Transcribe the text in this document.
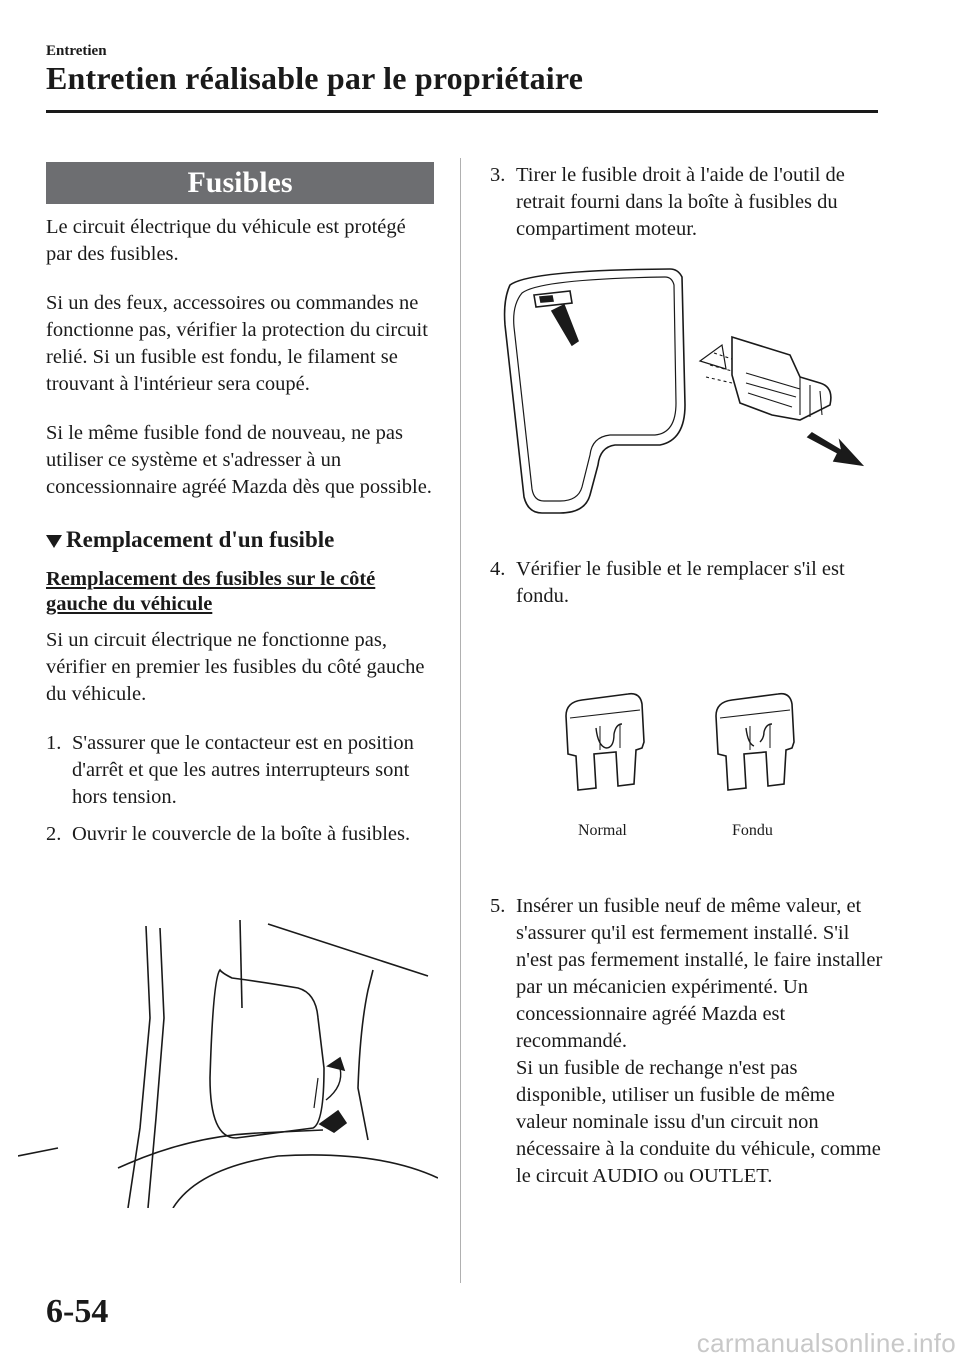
Entretien
Entretien réalisable par le propriétaire
Fusibles

Le circuit électrique du véhicule est protégé par des fusibles.

Si un des feux, accessoires ou commandes ne fonctionne pas, vérifier la protection du circuit relié. Si un fusible est fondu, le filament se trouvant à l'intérieur sera coupé.

Si le même fusible fond de nouveau, ne pas utiliser ce système et s'adresser à un concessionnaire agréé Mazda dès que possible.

Remplacement d'un fusible
Remplacement des fusibles sur le côté gauche du véhicule

Si un circuit électrique ne fonctionne pas, vérifier en premier les fusibles du côté gauche du véhicule.

1. S'assurer que le contacteur est en position d'arrêt et que les autres interrupteurs sont hors tension.
2. Ouvrir le couvercle de la boîte à fusibles.
3. Tirer le fusible droit à l'aide de l'outil de retrait fourni dans la boîte à fusibles du compartiment moteur.
4. Vérifier le fusible et le remplacer s'il est fondu.
5. Insérer un fusible neuf de même valeur, et s'assurer qu'il est fermement installé. S'il n'est pas fermement installé, le faire installer par un mécanicien expérimenté. Un concessionnaire agréé Mazda est recommandé.
Si un fusible de rechange n'est pas disponible, utiliser un fusible de même valeur nominale issu d'un circuit non nécessaire à la conduite du véhicule, comme le circuit AUDIO ou OUTLET.
Normal	Fondu
6-54
carmanualsonline.info
